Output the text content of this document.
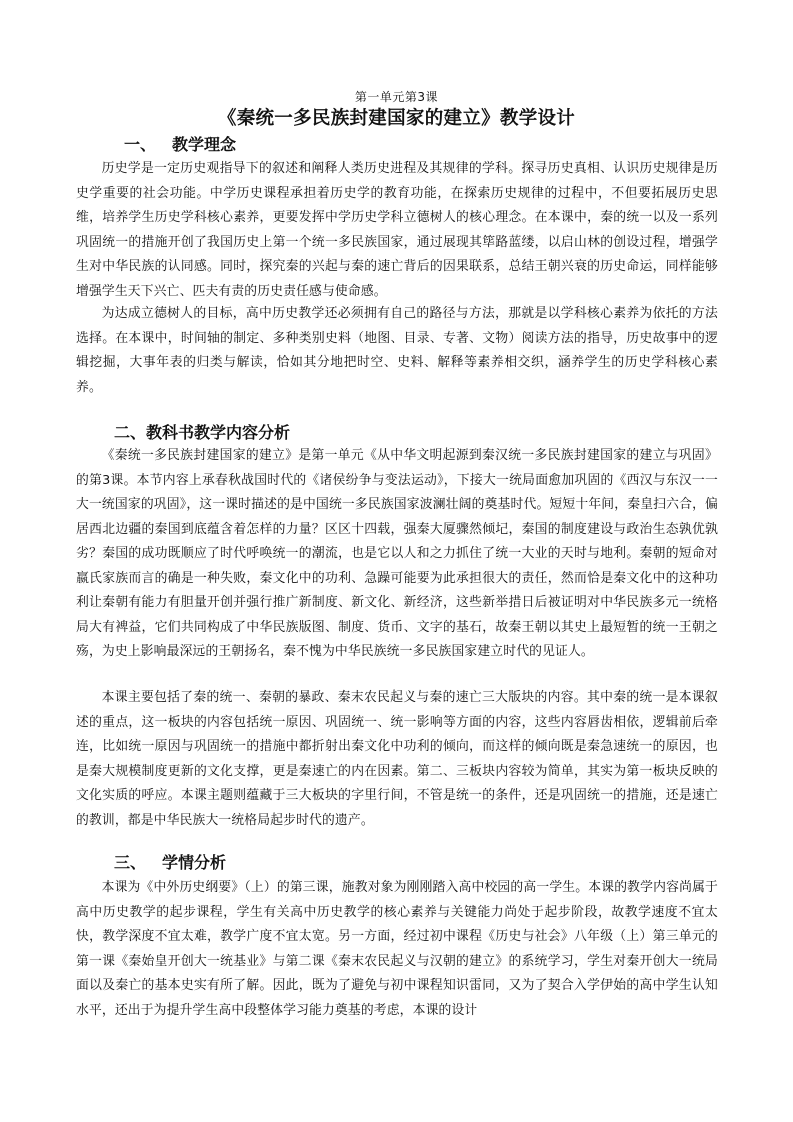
第一单元第3课
《秦统一多民族封建国家的建立》教学设计
一、 教学理念
历史学是一定历史观指导下的叙述和阐释人类历史进程及其规律的学科。探寻历史真相、认识历史规律是历史学重要的社会功能。中学历史课程承担着历史学的教育功能，在探索历史规律的过程中，不但要拓展历史思维，培养学生历史学科核心素养，更要发挥中学历史学科立德树人的核心理念。在本课中，秦的统一以及一系列巩固统一的措施开创了我国历史上第一个统一多民族国家，通过展现其筚路蓝缕，以启山林的创设过程，增强学生对中华民族的认同感。同时，探究秦的兴起与秦的速亡背后的因果联系，总结王朝兴衰的历史命运，同样能够增强学生天下兴亡、匹夫有责的历史责任感与使命感。
为达成立德树人的目标，高中历史教学还必须拥有自己的路径与方法，那就是以学科核心素养为依托的方法选择。在本课中，时间轴的制定、多种类别史料（地图、目录、专著、文物）阅读方法的指导，历史故事中的逻辑挖掘，大事年表的归类与解读，恰如其分地把时空、史料、解释等素养相交织，涵养学生的历史学科核心素养。
二、教科书教学内容分析
《秦统一多民族封建国家的建立》是第一单元《从中华文明起源到秦汉统一多民族封建国家的建立与巩固》的第3课。本节内容上承春秋战国时代的《诸侯纷争与变法运动》，下接大一统局面愈加巩固的《西汉与东汉一一大一统国家的巩固》，这一课时描述的是中国统一多民族国家波澜壮阔的奠基时代。短短十年间，秦皇扫六合，偏居西北边疆的秦国到底蕴含着怎样的力量？区区十四载，强秦大厦骤然倾圮，秦国的制度建设与政治生态孰优孰劣？秦国的成功既顺应了时代呼唤统一的潮流，也是它以人和之力抓住了统一大业的天时与地利。秦朝的短命对嬴氏家族而言的确是一种失败，秦文化中的功利、急躁可能要为此承担很大的责任，然而恰是秦文化中的这种功利让秦朝有能力有胆量开创并强行推广新制度、新文化、新经济，这些新举措日后被证明对中华民族多元一统格局大有裨益，它们共同构成了中华民族版图、制度、货币、文字的基石，故秦王朝以其史上最短暂的统一王朝之殇，为史上影响最深远的王朝扬名，秦不愧为中华民族统一多民族国家建立时代的见证人。
本课主要包括了秦的统一、秦朝的暴政、秦末农民起义与秦的速亡三大版块的内容。其中秦的统一是本课叙述的重点，这一板块的内容包括统一原因、巩固统一、统一影响等方面的内容，这些内容唇齿相依，逻辑前后牵连，比如统一原因与巩固统一的措施中都折射出秦文化中功利的倾向，而这样的倾向既是秦急速统一的原因，也是秦大规模制度更新的文化支撑，更是秦速亡的内在因素。第二、三板块内容较为简单，其实为第一板块反映的文化实质的呼应。本课主题则蕴藏于三大板块的字里行间，不管是统一的条件，还是巩固统一的措施，还是速亡的教训，都是中华民族大一统格局起步时代的遗产。
三、 学情分析
本课为《中外历史纲要》（上）的第三课，施教对象为刚刚踏入高中校园的高一学生。本课的教学内容尚属于高中历史教学的起步课程，学生有关高中历史教学的核心素养与关键能力尚处于起步阶段，故教学速度不宜太快，教学深度不宜太难，教学广度不宜太宽。另一方面，经过初中课程《历史与社会》八年级（上）第三单元的第一课《秦始皇开创大一统基业》与第二课《秦末农民起义与汉朝的建立》的系统学习，学生对秦开创大一统局面以及秦亡的基本史实有所了解。因此，既为了避免与初中课程知识雷同，又为了契合入学伊始的高中学生认知水平，还出于为提升学生高中段整体学习能力奠基的考虑，本课的设计
